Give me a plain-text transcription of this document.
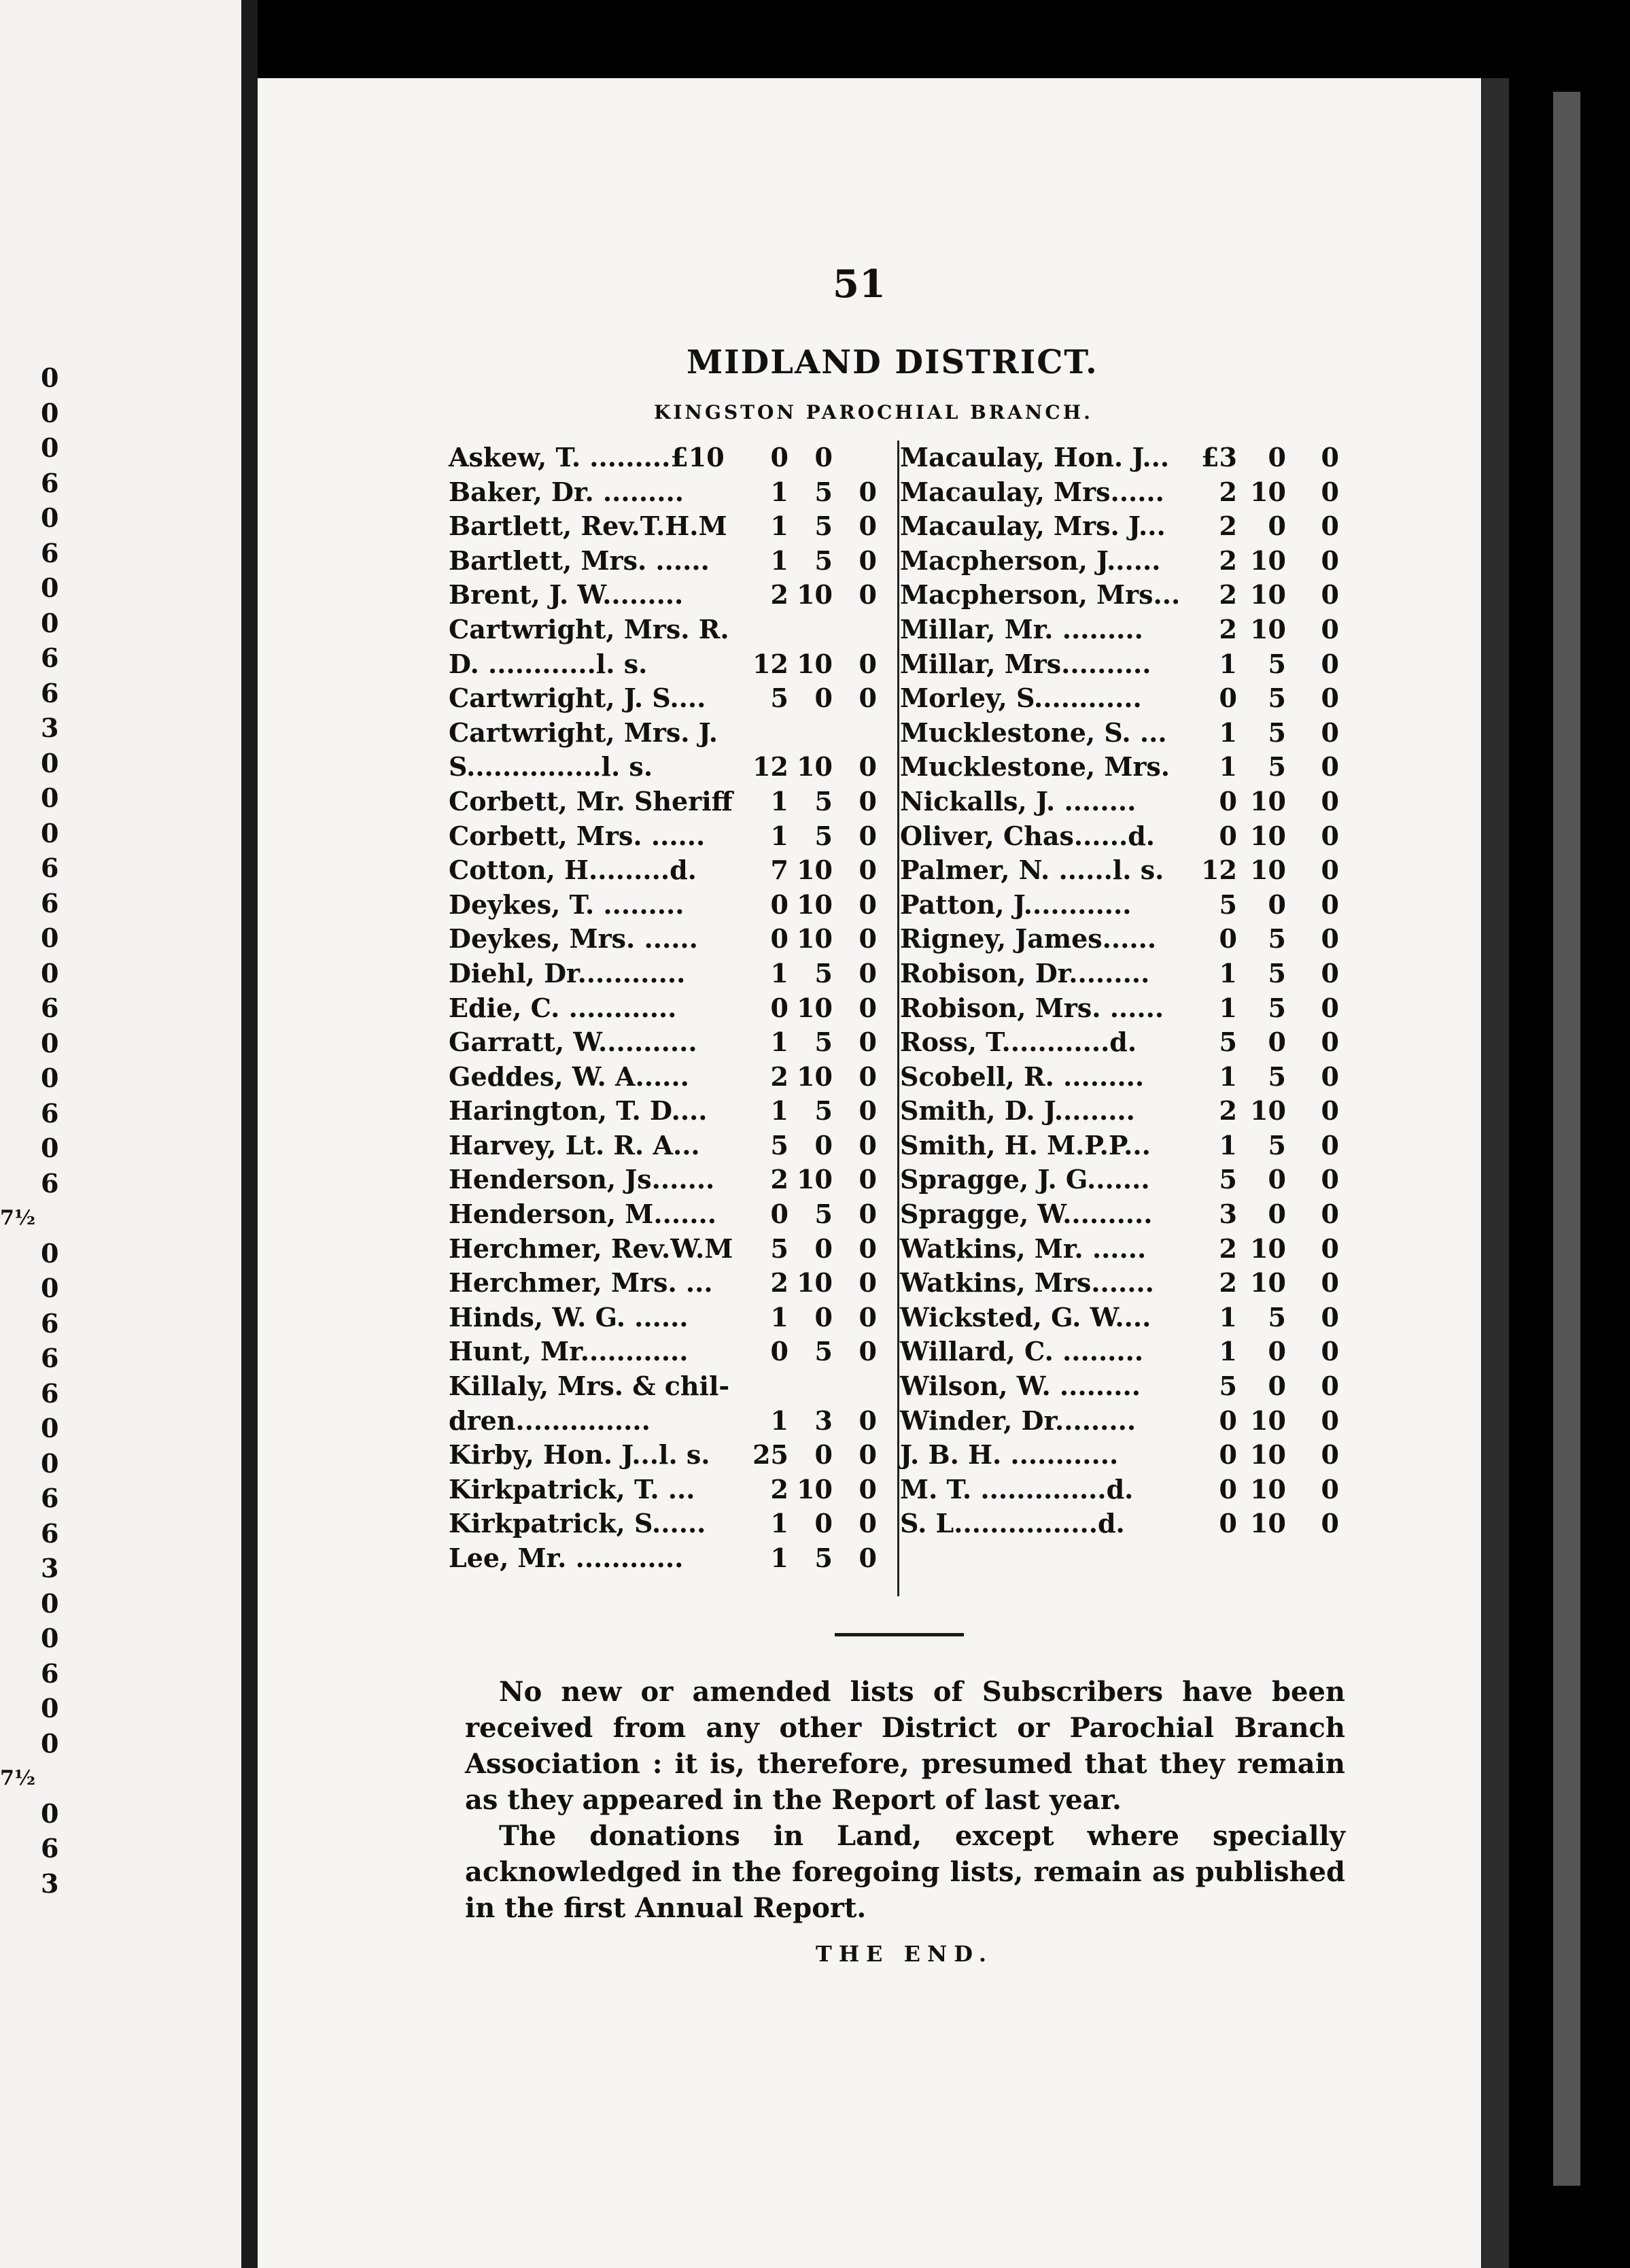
0
0
0
6
0
6
0
0
6
6
3
0
0
0
6
6
0
0
6
0
0
6
0
6
7½
0
0
6
6
6
0
0
6
6
3
0
0
6
0
0
7½
0
6
3
51
MIDLAND DISTRICT.
KINGSTON PAROCHIAL BRANCH.
Askew, T. .........£10 0 0
Baker, Dr. .........	1 5 0
Bartlett, Rev.T.H.M 1 5 0
Bartlett, Mrs. ...... 1 5 0
Brent, J. W.........	2 10 0
Cartwright, Mrs. R.
D. ............l. s.	12 10 0
Cartwright, J. S....	5 0 0
Cartwright, Mrs. J.
S...............l. s.	12 10 0
Corbett, Mr. Sheriff 1 5 0
Corbett, Mrs. ......	1 5 0
Cotton, H.........d.	7 10 0
Deykes, T. .........	0 10 0
Deykes, Mrs. ......	0 10 0
Diehl, Dr............	1 5 0
Edie, C. ............	0 10 0
Garratt, W...........	1 5 0
Geddes, W. A......	2 10 0
Harington, T. D.... 1 5 0
Harvey, Lt. R. A...	5 0 0
Henderson, Js....... 2 10 0
Henderson, M....... 0 5 0
Herchmer, Rev.W.M 5 0 0
Herchmer, Mrs. ... 2 10 0
Hinds, W. G. ......	1 0 0
Hunt, Mr............	0 5 0
Killaly, Mrs. & chil-
dren...............	1 3 0
Kirby, Hon. J...l. s. 25 0 0
Kirkpatrick, T. ...	2 10 0
Kirkpatrick, S......	1 0 0
Lee, Mr. ............	1 5 0
Macaulay, Hon. J... £3 0 0
Macaulay, Mrs...... 2 10 0
Macaulay, Mrs. J... 2 0 0
Macpherson, J...... 2 10 0
Macpherson, Mrs... 2 10 0
Millar, Mr. .........	2 10 0
Millar, Mrs..........	1 5 0
Morley, S............	0 5 0
Mucklestone, S. ... 1 5 0
Mucklestone, Mrs. 1 5 0
Nickalls, J. ........	0 10 0
Oliver, Chas......d. 0 10 0
Palmer, N. ......l. s. 12 10 0
Patton, J............	5 0 0
Rigney, James...... 0 5 0
Robison, Dr.........	1 5 0
Robison, Mrs. ...... 1 5 0
Ross, T............d.	5 0 0
Scobell, R. .........	1 5 0
Smith, D. J.........	2 10 0
Smith, H. M.P.P...	1 5 0
Spragge, J. G.......	5 0 0
Spragge, W..........	3 0 0
Watkins, Mr. ......	2 10 0
Watkins, Mrs.......	2 10 0
Wicksted, G. W....	1 5 0
Willard, C. .........	1 0 0
Wilson, W. .........	5 0 0
Winder, Dr.........	0 10 0
J. B. H. ............	0 10 0
M. T. ..............d.	0 10 0
S. L................d.	0 10 0

No new or amended lists of Subscribers have been received from any other District or Parochial Branch Association : it is, therefore, presumed that they remain as they appeared in the Report of last year.

The donations in Land, except where specially acknowledged in the foregoing lists, remain as published in the first Annual Report.

THE END.
